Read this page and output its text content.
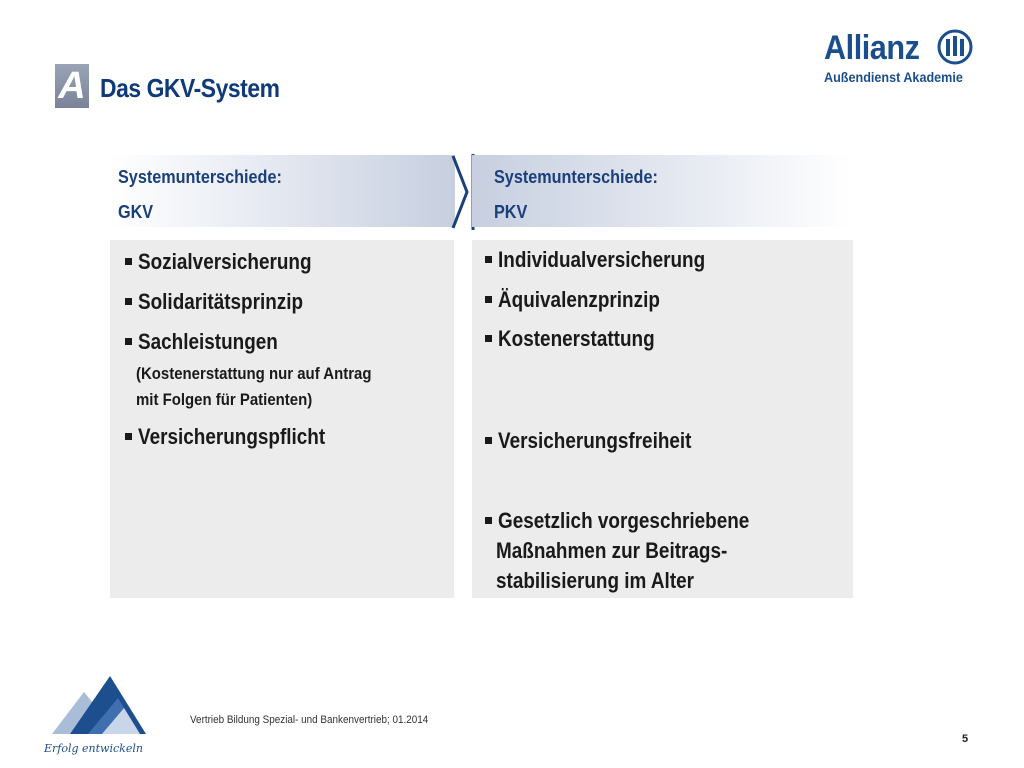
A Das GKV-System
Allianz
Außendienst Akademie
Systemunterschiede:
GKV
Systemunterschiede:
PKV
Sozialversicherung
Solidaritätsprinzip
Sachleistungen
(Kostenerstattung nur auf Antrag
mit Folgen für Patienten)
Versicherungspflicht
Individualversicherung
Äquivalenzprinzip
Kostenerstattung
Versicherungsfreiheit
Gesetzlich vorgeschriebene
Maßnahmen zur Beitrags-
stabilisierung im Alter
Erfolg entwickeln
Vertrieb Bildung Spezial- und Bankenvertrieb; 01.2014
5
